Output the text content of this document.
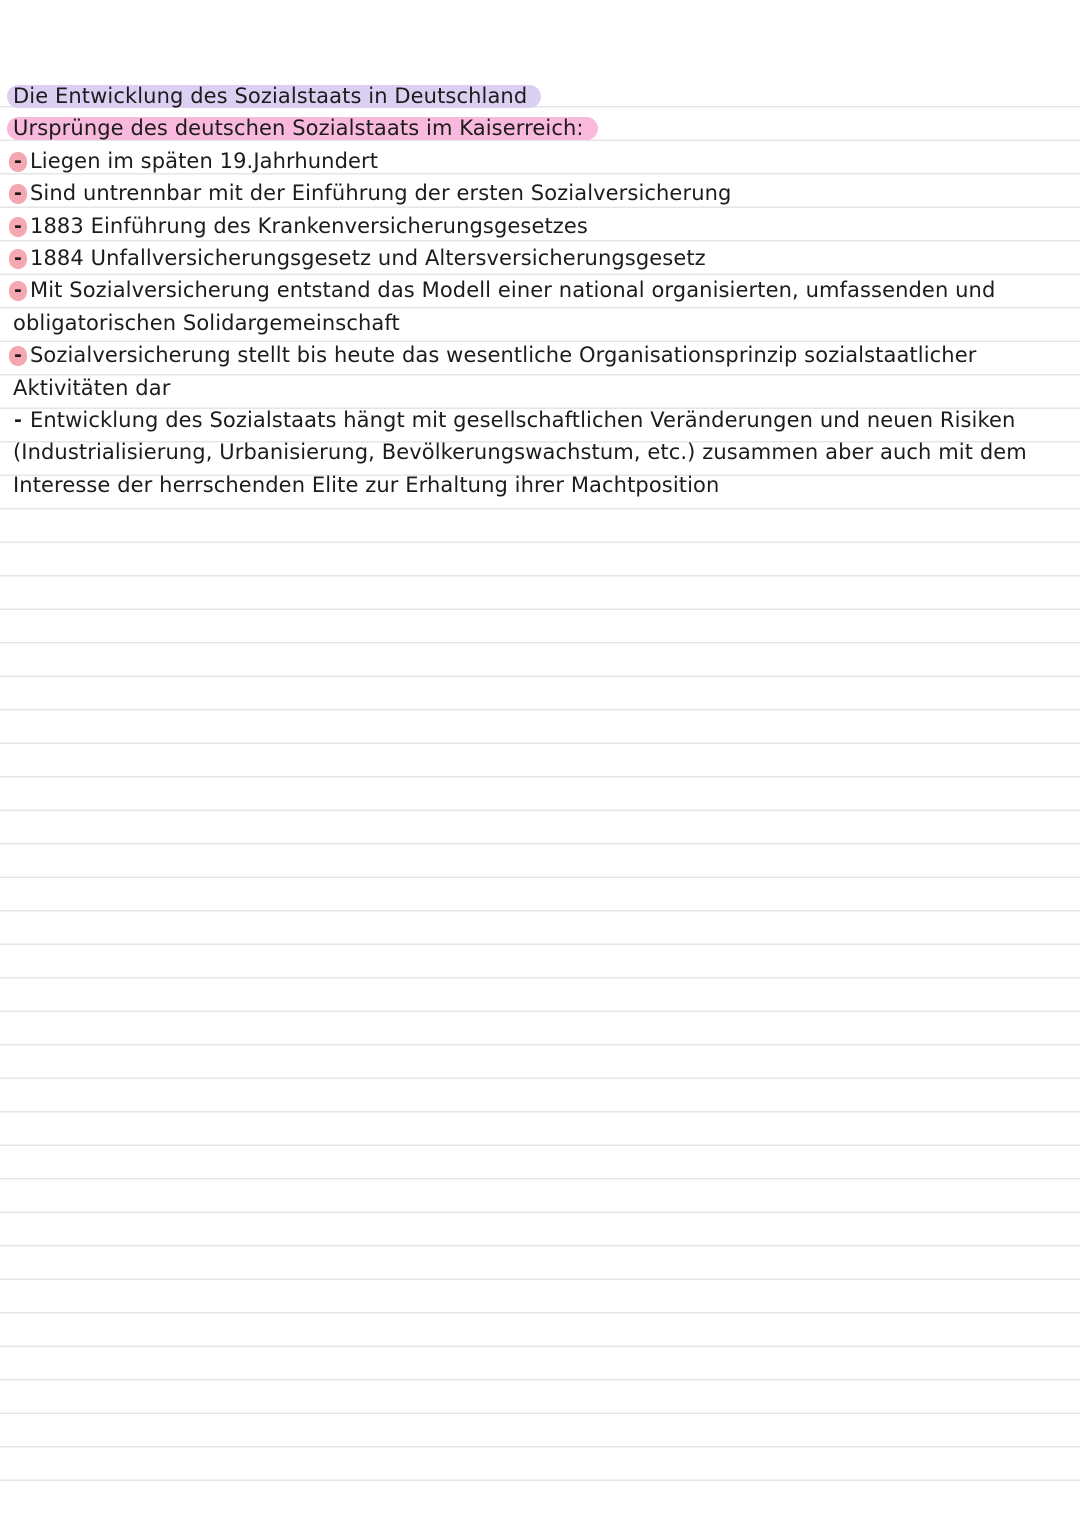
Die Entwicklung des Sozialstaats in Deutschland
Ursprünge des deutschen Sozialstaats im Kaiserreich:
- Liegen im späten 19.Jahrhundert
- Sind untrennbar mit der Einführung der ersten Sozialversicherung
- 1883 Einführung des Krankenversicherungsgesetzes
- 1884 Unfallversicherungsgesetz und Altersversicherungsgesetz
- Mit Sozialversicherung entstand das Modell einer national organisierten, umfassenden und
obligatorischen Solidargemeinschaft
- Sozialversicherung stellt bis heute das wesentliche Organisationsprinzip sozialstaatlicher
Aktivitäten dar
- Entwicklung des Sozialstaats hängt mit gesellschaftlichen Veränderungen und neuen Risiken
(Industrialisierung, Urbanisierung, Bevölkerungswachstum, etc.) zusammen aber auch mit dem
Interesse der herrschenden Elite zur Erhaltung ihrer Machtposition
